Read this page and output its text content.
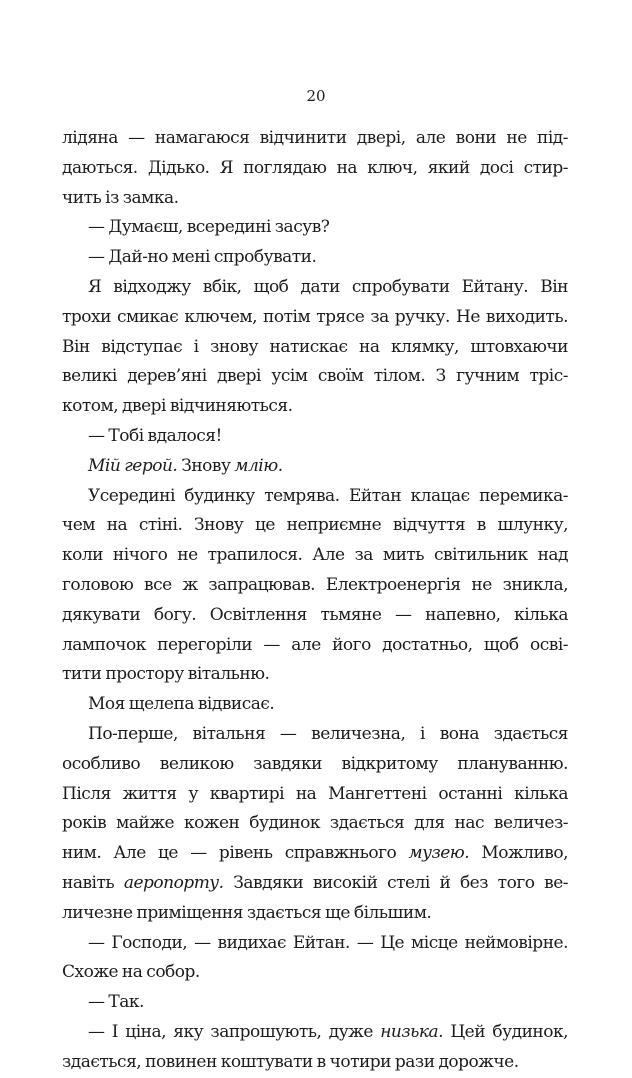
20
лідяна — намагаюся відчинити двері, але вони не під-
даються. Дідько. Я поглядаю на ключ, який досі стир-
чить із замка.
— Думаєш, всередині засув?
— Дай-но мені спробувати.
Я відходжу вбік, щоб дати спробувати Ейтану. Він
трохи смикає ключем, потім трясе за ручку. Не виходить.
Він відступає і знову натискає на клямку, штовхаючи
великі дерев’яні двері усім своїм тілом. З гучним тріс-
котом, двері відчиняються.
— Тобі вдалося!
Мій герой. Знову млію.
Усередині будинку темрява. Ейтан клацає перемика-
чем на стіні. Знову це неприємне відчуття в шлунку,
коли нічого не трапилося. Але за мить світильник над
головою все ж запрацював. Електроенергія не зникла,
дякувати богу. Освітлення тьмяне — напевно, кілька
лампочок перегоріли — але його достатньо, щоб осві-
тити простору вітальню.
Моя щелепа відвисає.
По-перше, вітальня — величезна, і вона здається
особливо великою завдяки відкритому плануванню.
Після життя у квартирі на Мангеттені останні кілька
років майже кожен будинок здається для нас величез-
ним. Але це — рівень справжнього музею. Можливо,
навіть аеропорту. Завдяки високій стелі й без того ве-
личезне приміщення здається ще більшим.
— Господи, — видихає Ейтан. — Це місце неймовірне.
Схоже на собор.
— Так.
— І ціна, яку запрошують, дуже низька. Цей будинок,
здається, повинен коштувати в чотири рази дорожче.
